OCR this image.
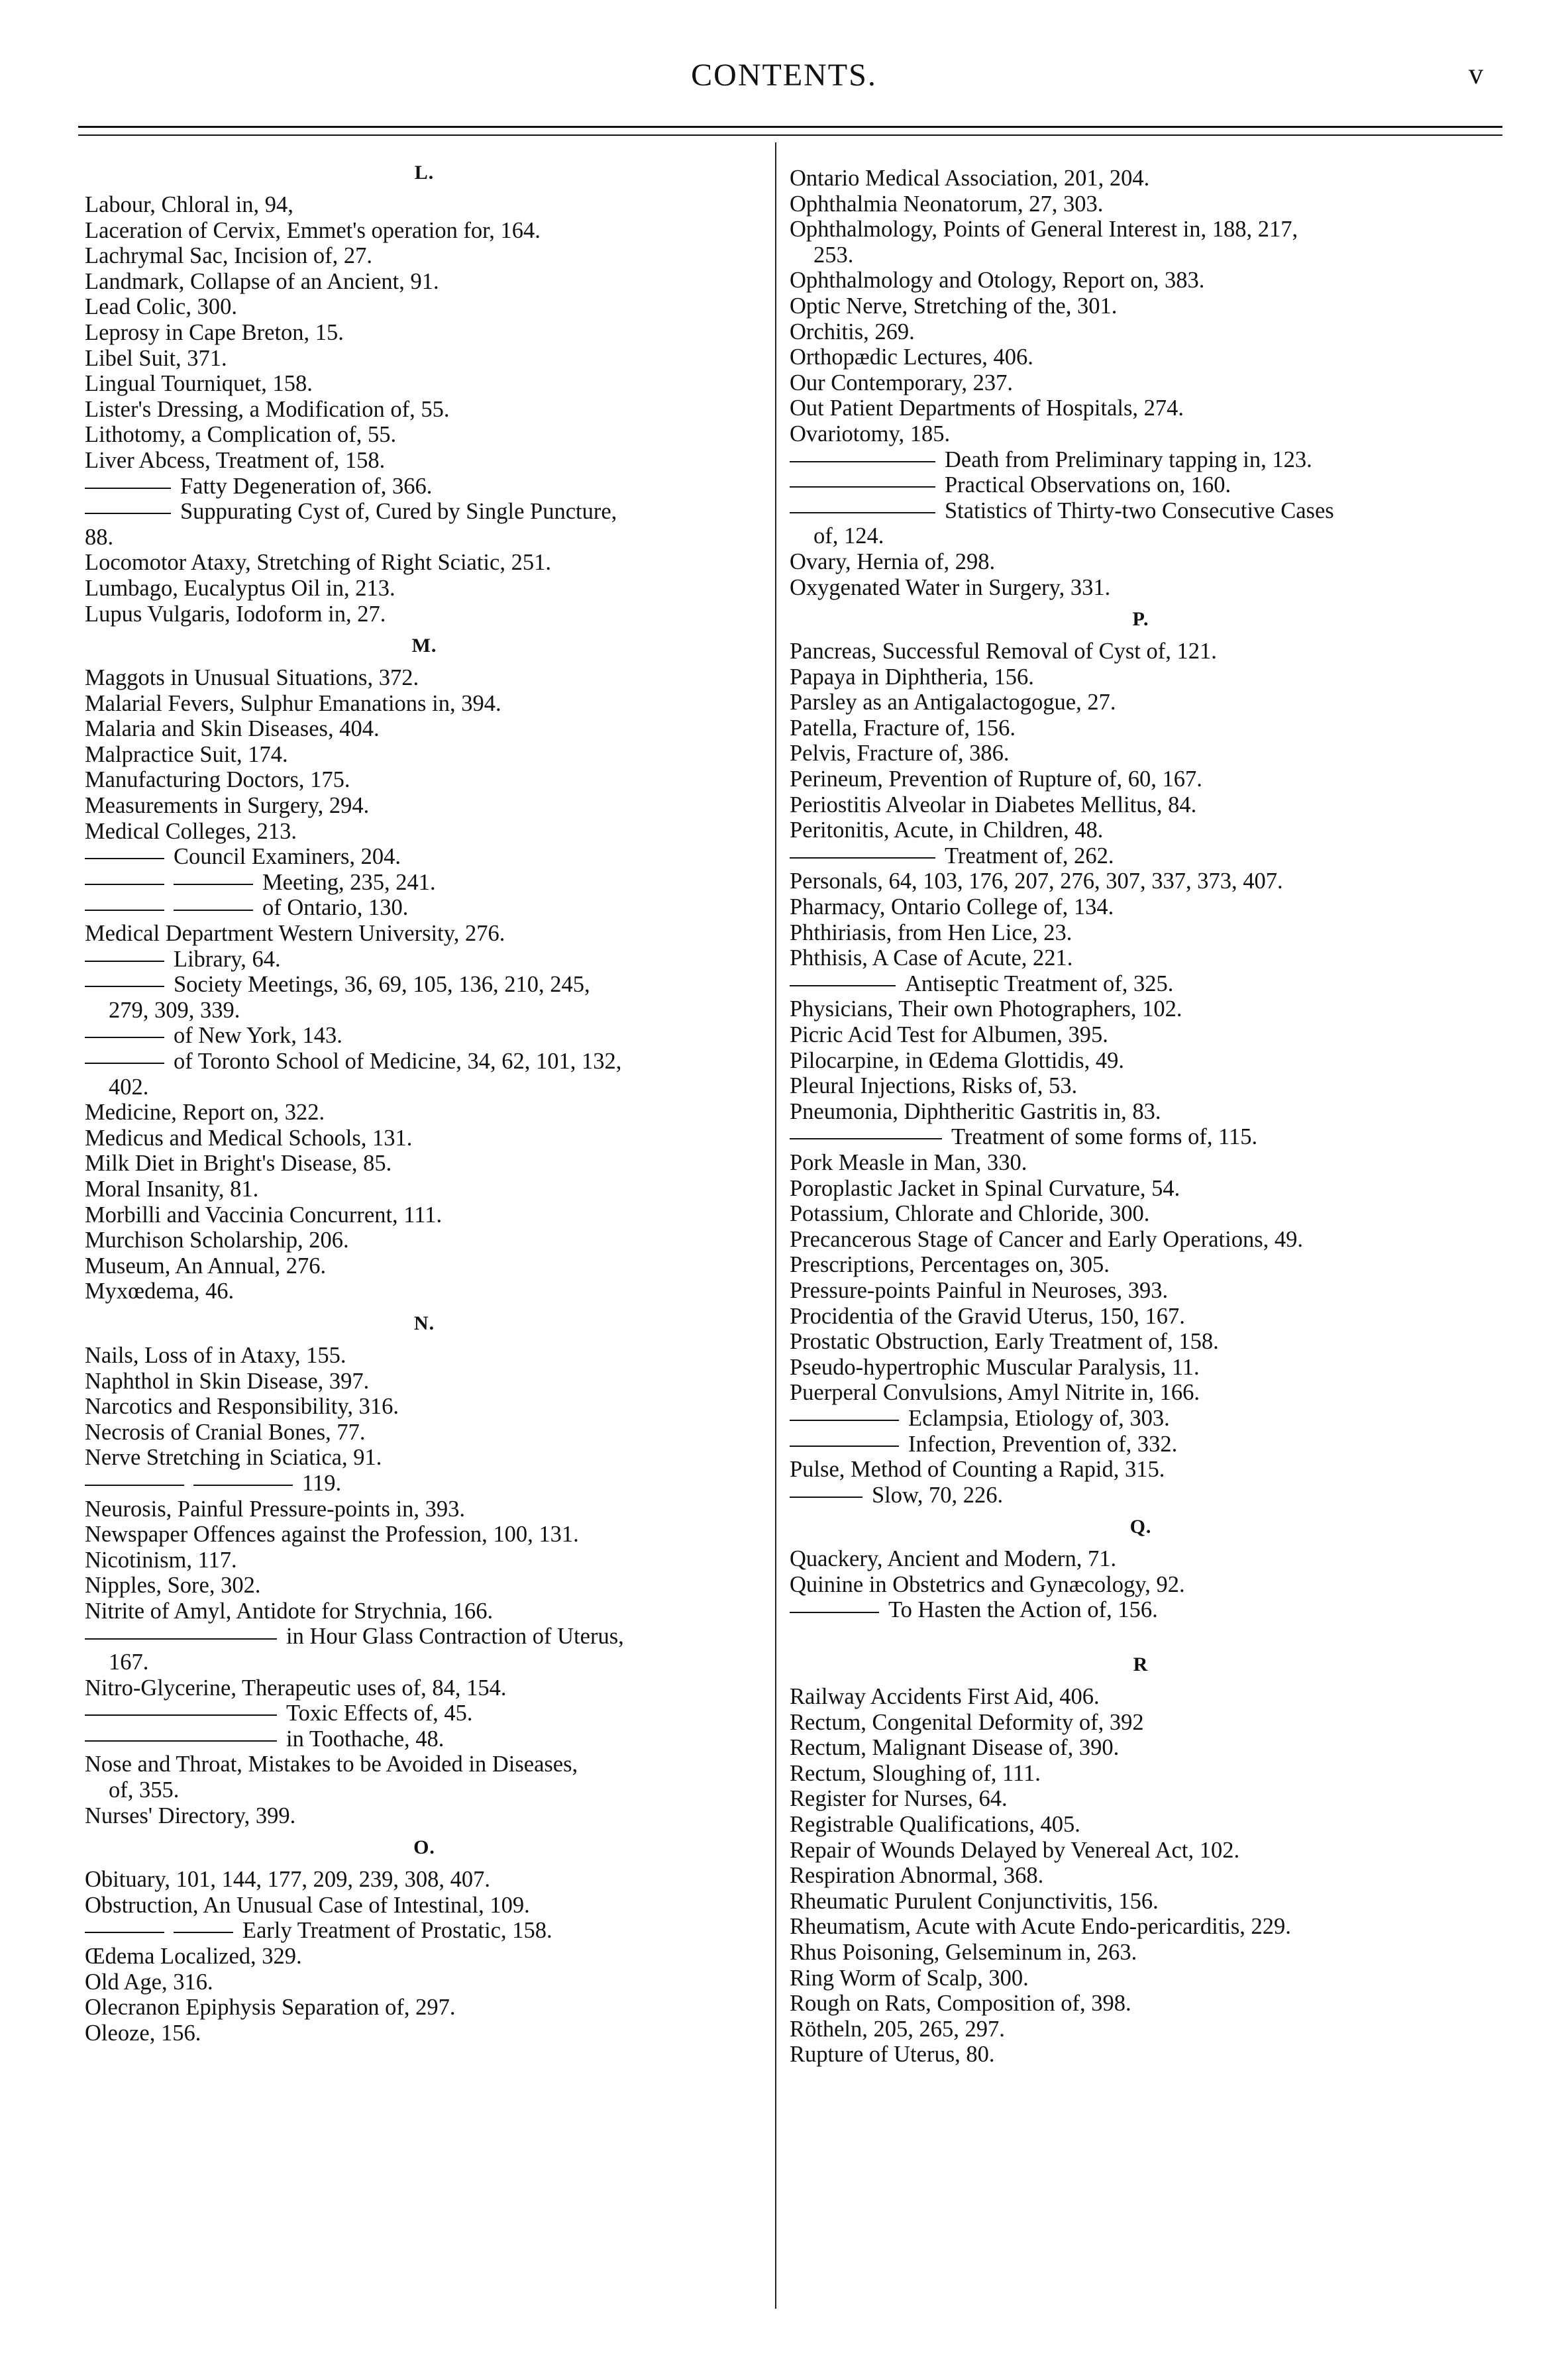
CONTENTS.	v
L.
Labour, Chloral in, 94,
Laceration of Cervix, Emmet's operation for, 164.
Lachrymal Sac, Incision of, 27.
Landmark, Collapse of an Ancient, 91.
Lead Colic, 300.
Leprosy in Cape Breton, 15.
Libel Suit, 371.
Lingual Tourniquet, 158.
Lister's Dressing, a Modification of, 55.
Lithotomy, a Complication of, 55.
Liver Abcess, Treatment of, 158.
Fatty Degeneration of, 366.
Suppurating Cyst of, Cured by Single Puncture,
88.
Locomotor Ataxy, Stretching of Right Sciatic, 251.
Lumbago, Eucalyptus Oil in, 213.
Lupus Vulgaris, Iodoform in, 27.
M.
Maggots in Unusual Situations, 372.
Malarial Fevers, Sulphur Emanations in, 394.
Malaria and Skin Diseases, 404.
Malpractice Suit, 174.
Manufacturing Doctors, 175.
Measurements in Surgery, 294.
Medical Colleges, 213.
Council Examiners, 204.
Meeting, 235, 241.
of Ontario, 130.
Medical Department Western University, 276.
Library, 64.
Society Meetings, 36, 69, 105, 136, 210, 245,
279, 309, 339.
of New York, 143.
of Toronto School of Medicine, 34, 62, 101, 132,
402.
Medicine, Report on, 322.
Medicus and Medical Schools, 131.
Milk Diet in Bright's Disease, 85.
Moral Insanity, 81.
Morbilli and Vaccinia Concurrent, 111.
Murchison Scholarship, 206.
Museum, An Annual, 276.
Myxœdema, 46.
N.
Nails, Loss of in Ataxy, 155.
Naphthol in Skin Disease, 397.
Narcotics and Responsibility, 316.
Necrosis of Cranial Bones, 77.
Nerve Stretching in Sciatica, 91.
119.
Neurosis, Painful Pressure-points in, 393.
Newspaper Offences against the Profession, 100, 131.
Nicotinism, 117.
Nipples, Sore, 302.
Nitrite of Amyl, Antidote for Strychnia, 166.
in Hour Glass Contraction of Uterus,
167.
Nitro-Glycerine, Therapeutic uses of, 84, 154.
Toxic Effects of, 45.
in Toothache, 48.
Nose and Throat, Mistakes to be Avoided in Diseases,
of, 355.
Nurses' Directory, 399.
O.
Obituary, 101, 144, 177, 209, 239, 308, 407.
Obstruction, An Unusual Case of Intestinal, 109.
Early Treatment of Prostatic, 158.
Œdema Localized, 329.
Old Age, 316.
Olecranon Epiphysis Separation of, 297.
Oleoze, 156.
Ontario Medical Association, 201, 204.
Ophthalmia Neonatorum, 27, 303.
Ophthalmology, Points of General Interest in, 188, 217,
253.
Ophthalmology and Otology, Report on, 383.
Optic Nerve, Stretching of the, 301.
Orchitis, 269.
Orthopædic Lectures, 406.
Our Contemporary, 237.
Out Patient Departments of Hospitals, 274.
Ovariotomy, 185.
Death from Preliminary tapping in, 123.
Practical Observations on, 160.
Statistics of Thirty-two Consecutive Cases
of, 124.
Ovary, Hernia of, 298.
Oxygenated Water in Surgery, 331.
P.
Pancreas, Successful Removal of Cyst of, 121.
Papaya in Diphtheria, 156.
Parsley as an Antigalactogogue, 27.
Patella, Fracture of, 156.
Pelvis, Fracture of, 386.
Perineum, Prevention of Rupture of, 60, 167.
Periostitis Alveolar in Diabetes Mellitus, 84.
Peritonitis, Acute, in Children, 48.
Treatment of, 262.
Personals, 64, 103, 176, 207, 276, 307, 337, 373, 407.
Pharmacy, Ontario College of, 134.
Phthiriasis, from Hen Lice, 23.
Phthisis, A Case of Acute, 221.
Antiseptic Treatment of, 325.
Physicians, Their own Photographers, 102.
Picric Acid Test for Albumen, 395.
Pilocarpine, in Œdema Glottidis, 49.
Pleural Injections, Risks of, 53.
Pneumonia, Diphtheritic Gastritis in, 83.
Treatment of some forms of, 115.
Pork Measle in Man, 330.
Poroplastic Jacket in Spinal Curvature, 54.
Potassium, Chlorate and Chloride, 300.
Precancerous Stage of Cancer and Early Operations, 49.
Prescriptions, Percentages on, 305.
Pressure-points Painful in Neuroses, 393.
Procidentia of the Gravid Uterus, 150, 167.
Prostatic Obstruction, Early Treatment of, 158.
Pseudo-hypertrophic Muscular Paralysis, 11.
Puerperal Convulsions, Amyl Nitrite in, 166.
Eclampsia, Etiology of, 303.
Infection, Prevention of, 332.
Pulse, Method of Counting a Rapid, 315.
Slow, 70, 226.
Q.
Quackery, Ancient and Modern, 71.
Quinine in Obstetrics and Gynæcology, 92.
To Hasten the Action of, 156.
R
Railway Accidents First Aid, 406.
Rectum, Congenital Deformity of, 392
Rectum, Malignant Disease of, 390.
Rectum, Sloughing of, 111.
Register for Nurses, 64.
Registrable Qualifications, 405.
Repair of Wounds Delayed by Venereal Act, 102.
Respiration Abnormal, 368.
Rheumatic Purulent Conjunctivitis, 156.
Rheumatism, Acute with Acute Endo-pericarditis, 229.
Rhus Poisoning, Gelseminum in, 263.
Ring Worm of Scalp, 300.
Rough on Rats, Composition of, 398.
Rötheln, 205, 265, 297.
Rupture of Uterus, 80.
